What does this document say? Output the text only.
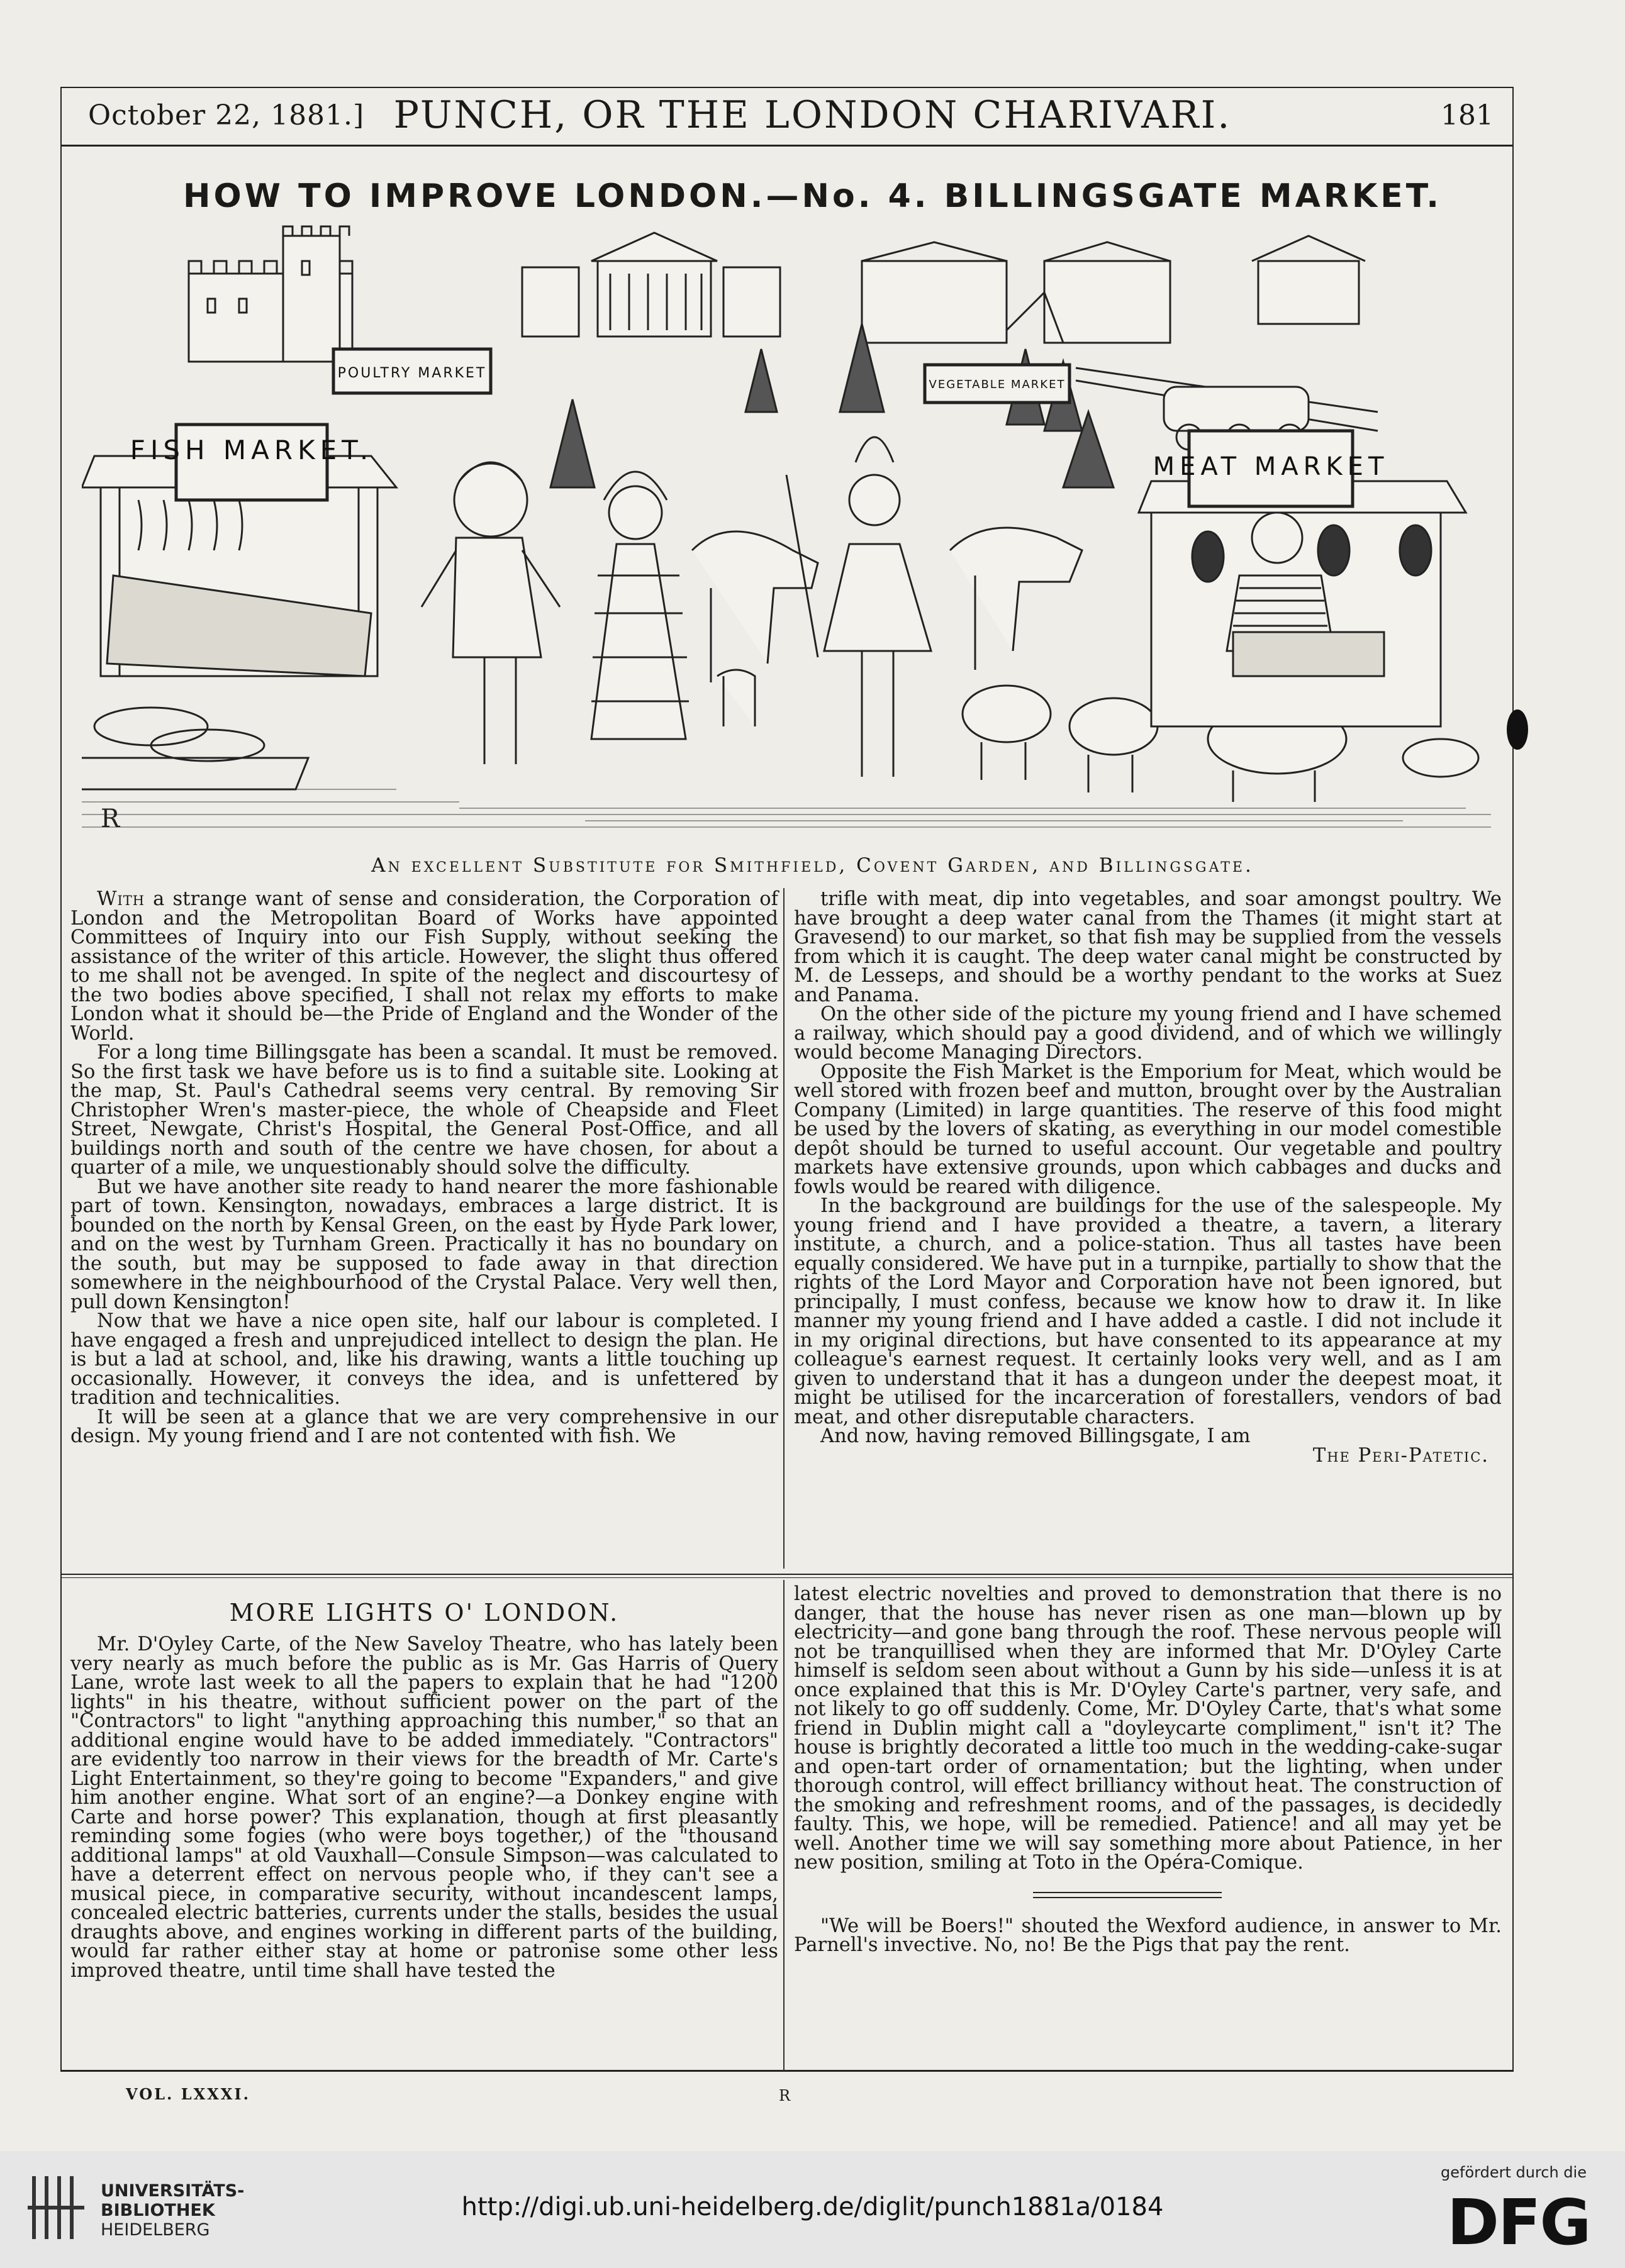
October 22, 1881.] PUNCH, OR THE LONDON CHARIVARI.	181
HOW TO IMPROVE LONDON.—No. 4. BILLINGSGATE MARKET.
FISH MARKET.
MEAT MARKET
POULTRY MARKET
VEGETABLE MARKET
R
An excellent Substitute for Smithfield, Covent Garden, and Billingsgate.

With a strange want of sense and consideration, the Corporation of London and the Metropolitan Board of Works have appointed Committees of Inquiry into our Fish Supply, without seeking the assistance of the writer of this article. However, the slight thus offered to me shall not be avenged. In spite of the neglect and discourtesy of the two bodies above specified, I shall not relax my efforts to make London what it should be—the Pride of England and the Wonder of the World.

For a long time Billingsgate has been a scandal. It must be removed. So the first task we have before us is to find a suitable site. Looking at the map, St. Paul's Cathedral seems very central. By removing Sir Christopher Wren's master-piece, the whole of Cheapside and Fleet Street, Newgate, Christ's Hospital, the General Post-Office, and all buildings north and south of the centre we have chosen, for about a quarter of a mile, we unquestionably should solve the difficulty.

But we have another site ready to hand nearer the more fashionable part of town. Kensington, nowadays, embraces a large district. It is bounded on the north by Kensal Green, on the east by Hyde Park lower, and on the west by Turnham Green. Practically it has no boundary on the south, but may be supposed to fade away in that direction somewhere in the neighbourhood of the Crystal Palace. Very well then, pull down Kensington!

Now that we have a nice open site, half our labour is completed. I have engaged a fresh and unprejudiced intellect to design the plan. He is but a lad at school, and, like his drawing, wants a little touching up occasionally. However, it conveys the idea, and is unfettered by tradition and technicalities.

It will be seen at a glance that we are very comprehensive in our design. My young friend and I are not contented with fish. We

trifle with meat, dip into vegetables, and soar amongst poultry. We have brought a deep water canal from the Thames (it might start at Gravesend) to our market, so that fish may be supplied from the vessels from which it is caught. The deep water canal might be constructed by M. de Lesseps, and should be a worthy pendant to the works at Suez and Panama.

On the other side of the picture my young friend and I have schemed a railway, which should pay a good dividend, and of which we willingly would become Managing Directors.

Opposite the Fish Market is the Emporium for Meat, which would be well stored with frozen beef and mutton, brought over by the Australian Company (Limited) in large quantities. The reserve of this food might be used by the lovers of skating, as everything in our model comestible depôt should be turned to useful account. Our vegetable and poultry markets have extensive grounds, upon which cabbages and ducks and fowls would be reared with diligence.

In the background are buildings for the use of the salespeople. My young friend and I have provided a theatre, a tavern, a literary institute, a church, and a police-station. Thus all tastes have been equally considered. We have put in a turnpike, partially to show that the rights of the Lord Mayor and Corporation have not been ignored, but principally, I must confess, because we know how to draw it. In like manner my young friend and I have added a castle. I did not include it in my original directions, but have consented to its appearance at my colleague's earnest request. It certainly looks very well, and as I am given to understand that it has a dungeon under the deepest moat, it might be utilised for the incarceration of forestallers, vendors of bad meat, and other disreputable characters.

And now, having removed Billingsgate, I am

The Peri-Patetic.

MORE LIGHTS O' LONDON.

Mr. D'Oyley Carte, of the New Saveloy Theatre, who has lately been very nearly as much before the public as is Mr. Gas Harris of Query Lane, wrote last week to all the papers to explain that he had "1200 lights" in his theatre, without sufficient power on the part of the "Contractors" to light "anything approaching this number," so that an additional engine would have to be added immediately. "Contractors" are evidently too narrow in their views for the breadth of Mr. Carte's Light Entertainment, so they're going to become "Expanders," and give him another engine. What sort of an engine?—a Donkey engine with Carte and horse power? This explanation, though at first pleasantly reminding some fogies (who were boys together,) of the "thousand additional lamps" at old Vauxhall—Consule Simpson—was calculated to have a deterrent effect on nervous people who, if they can't see a musical piece, in comparative security, without incandescent lamps, concealed electric batteries, currents under the stalls, besides the usual draughts above, and engines working in different parts of the building, would far rather either stay at home or patronise some other less improved theatre, until time shall have tested the

latest electric novelties and proved to demonstration that there is no danger, that the house has never risen as one man—blown up by electricity—and gone bang through the roof. These nervous people will not be tranquillised when they are informed that Mr. D'Oyley Carte himself is seldom seen about without a Gunn by his side—unless it is at once explained that this is Mr. D'Oyley Carte's partner, very safe, and not likely to go off suddenly. Come, Mr. D'Oyley Carte, that's what some friend in Dublin might call a "doyleycarte compliment," isn't it? The house is brightly decorated a little too much in the wedding-cake-sugar and open-tart order of ornamentation; but the lighting, when under thorough control, will effect brilliancy without heat. The construction of the smoking and refreshment rooms, and of the passages, is decidedly faulty. This, we hope, will be remedied. Patience! and all may yet be well. Another time we will say something more about Patience, in her new position, smiling at Toto in the Opéra-Comique.

"We will be Boers!" shouted the Wexford audience, in answer to Mr. Parnell's invective. No, no! Be the Pigs that pay the rent.

VOL. LXXXI.	R
UNIVERSITÄTS-
BIBLIOTHEK
HEIDELBERG
http://digi.ub.uni-heidelberg.de/diglit/punch1881a/0184
gefördert durch die
DFG
